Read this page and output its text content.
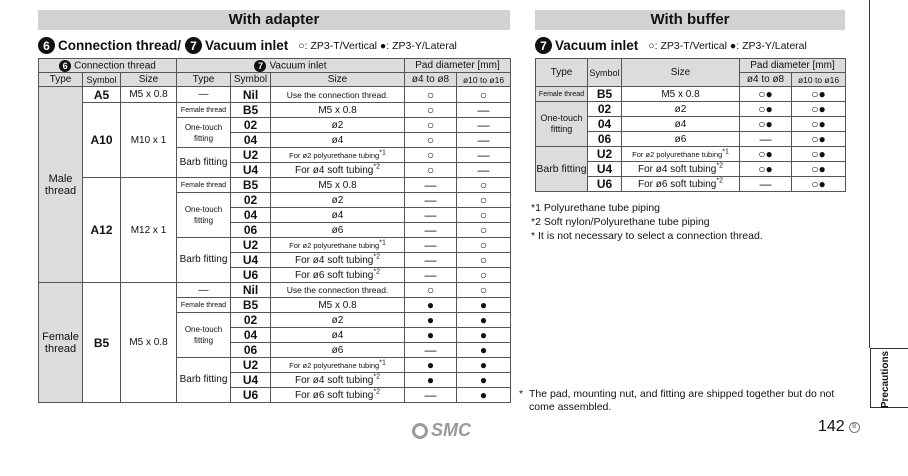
With adapter	With buffer
6 Connection thread/ 7 Vacuum inlet ○: ZP3-T/Vertical ●: ZP3-Y/Lateral	7 Vacuum inlet ○: ZP3-T/Vertical ●: ZP3-Y/Lateral
6 Connection thread			7 Vacuum inlet			Pad diameter [mm]	
Type	Symbol	Size	Type	Symbol	Size	ø4 to ø8	ø10 to ø16
Male thread	A5	M5 x 0.8	—	Nil	Use the connection thread.	○	○
	A10	M10 x 1	Female thread	B5	M5 x 0.8	○	—
			One-touch fitting	02	ø2	○	—
				04	ø4	○	—
			Barb fitting	U2	For ø2 polyurethane tubing$^{*1}$	○	—
				U4	For ø4 soft tubing$^{*2}$	○	—
	A12	M12 x 1	Female thread	B5	M5 x 0.8	—	○
			One-touch fitting	02	ø2	—	○
				04	ø4	—	○
				06	ø6	—	○
			Barb fitting	U2	For ø2 polyurethane tubing$^{*1}$	—	○
				U4	For ø4 soft tubing$^{*2}$	—	○
				U6	For ø6 soft tubing$^{*2}$	—	○
Female thread	B5	M5 x 0.8	—	Nil	Use the connection thread.	○	○
			Female thread	B5	M5 x 0.8	●	●
			One-touch fitting	02	ø2	●	●
				04	ø4	●	●
				06	ø6	—	●
			Barb fitting	U2	For ø2 polyurethane tubing$^{*1}$	●	●
				U4	For ø4 soft tubing$^{*2}$	●	●
				U6	For ø6 soft tubing$^{*2}$	—	●
Type	Symbol	Size	Pad diameter [mm]	
			ø4 to ø8	ø10 to ø16
Female thread	B5	M5 x 0.8	○●	○●
One-touch fitting	02	ø2	○●	○●
	04	ø4	○●	○●
	06	ø6	—	○●
Barb fitting	U2	For ø2 polyurethane tubing$^{*1}$	○●	○●
	U4	For ø4 soft tubing$^{*2}$	○●	○●
	U6	For ø6 soft tubing$^{*2}$	—	○●
*1 Polyurethane tube piping
*2 Soft nylon/Polyurethane tube piping
* It is not necessary to select a connection thread.
* The pad, mounting nut, and fitting are shipped together but do not come assembled.
SMC	142	B
Precautions
